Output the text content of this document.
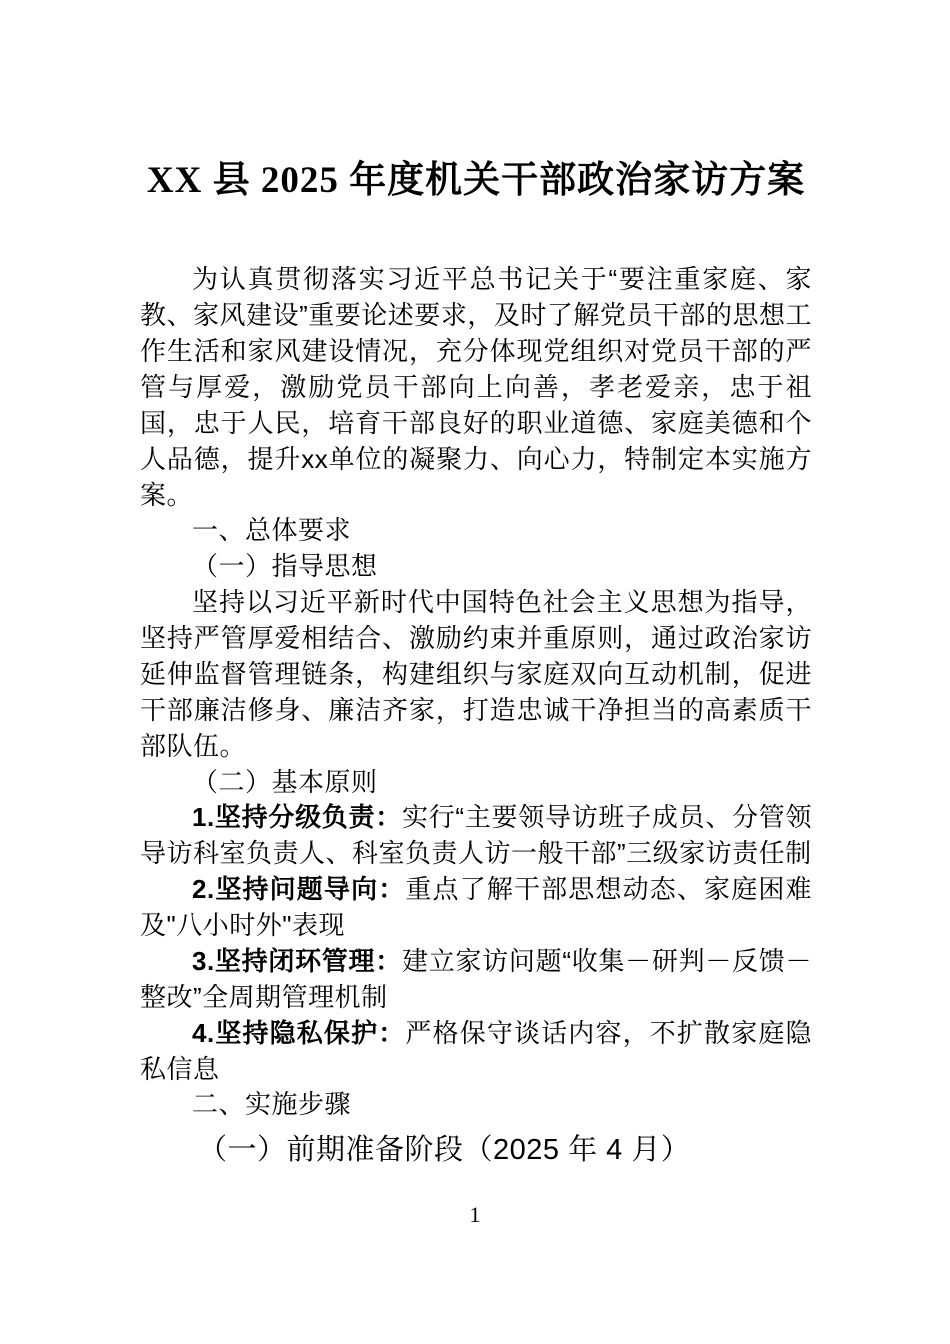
XX 县 2025 年度机关干部政治家访方案

为认真贯彻落实习近平总书记关于“要注重家庭、家教、家风建设”重要论述要求，及时了解党员干部的思想工作生活和家风建设情况，充分体现党组织对党员干部的严管与厚爱，激励党员干部向上向善，孝老爱亲，忠于祖国，忠于人民，培育干部良好的职业道德、家庭美德和个人品德，提升xx单位的凝聚力、向心力，特制定本实施方案。

一、总体要求

（一）指导思想

坚持以习近平新时代中国特色社会主义思想为指导，坚持严管厚爱相结合、激励约束并重原则，通过政治家访延伸监督管理链条，构建组织与家庭双向互动机制，促进干部廉洁修身、廉洁齐家，打造忠诚干净担当的高素质干部队伍。

（二）基本原则

1.坚持分级负责：实行“主要领导访班子成员、分管领导访科室负责人、科室负责人访一般干部”三级家访责任制

2.坚持问题导向：重点了解干部思想动态、家庭困难及"八小时外"表现

3.坚持闭环管理：建立家访问题“收集－研判－反馈－整改”全周期管理机制

4.坚持隐私保护：严格保守谈话内容，不扩散家庭隐私信息

二、实施步骤

（一）前期准备阶段（2025 年 4 月）

1
